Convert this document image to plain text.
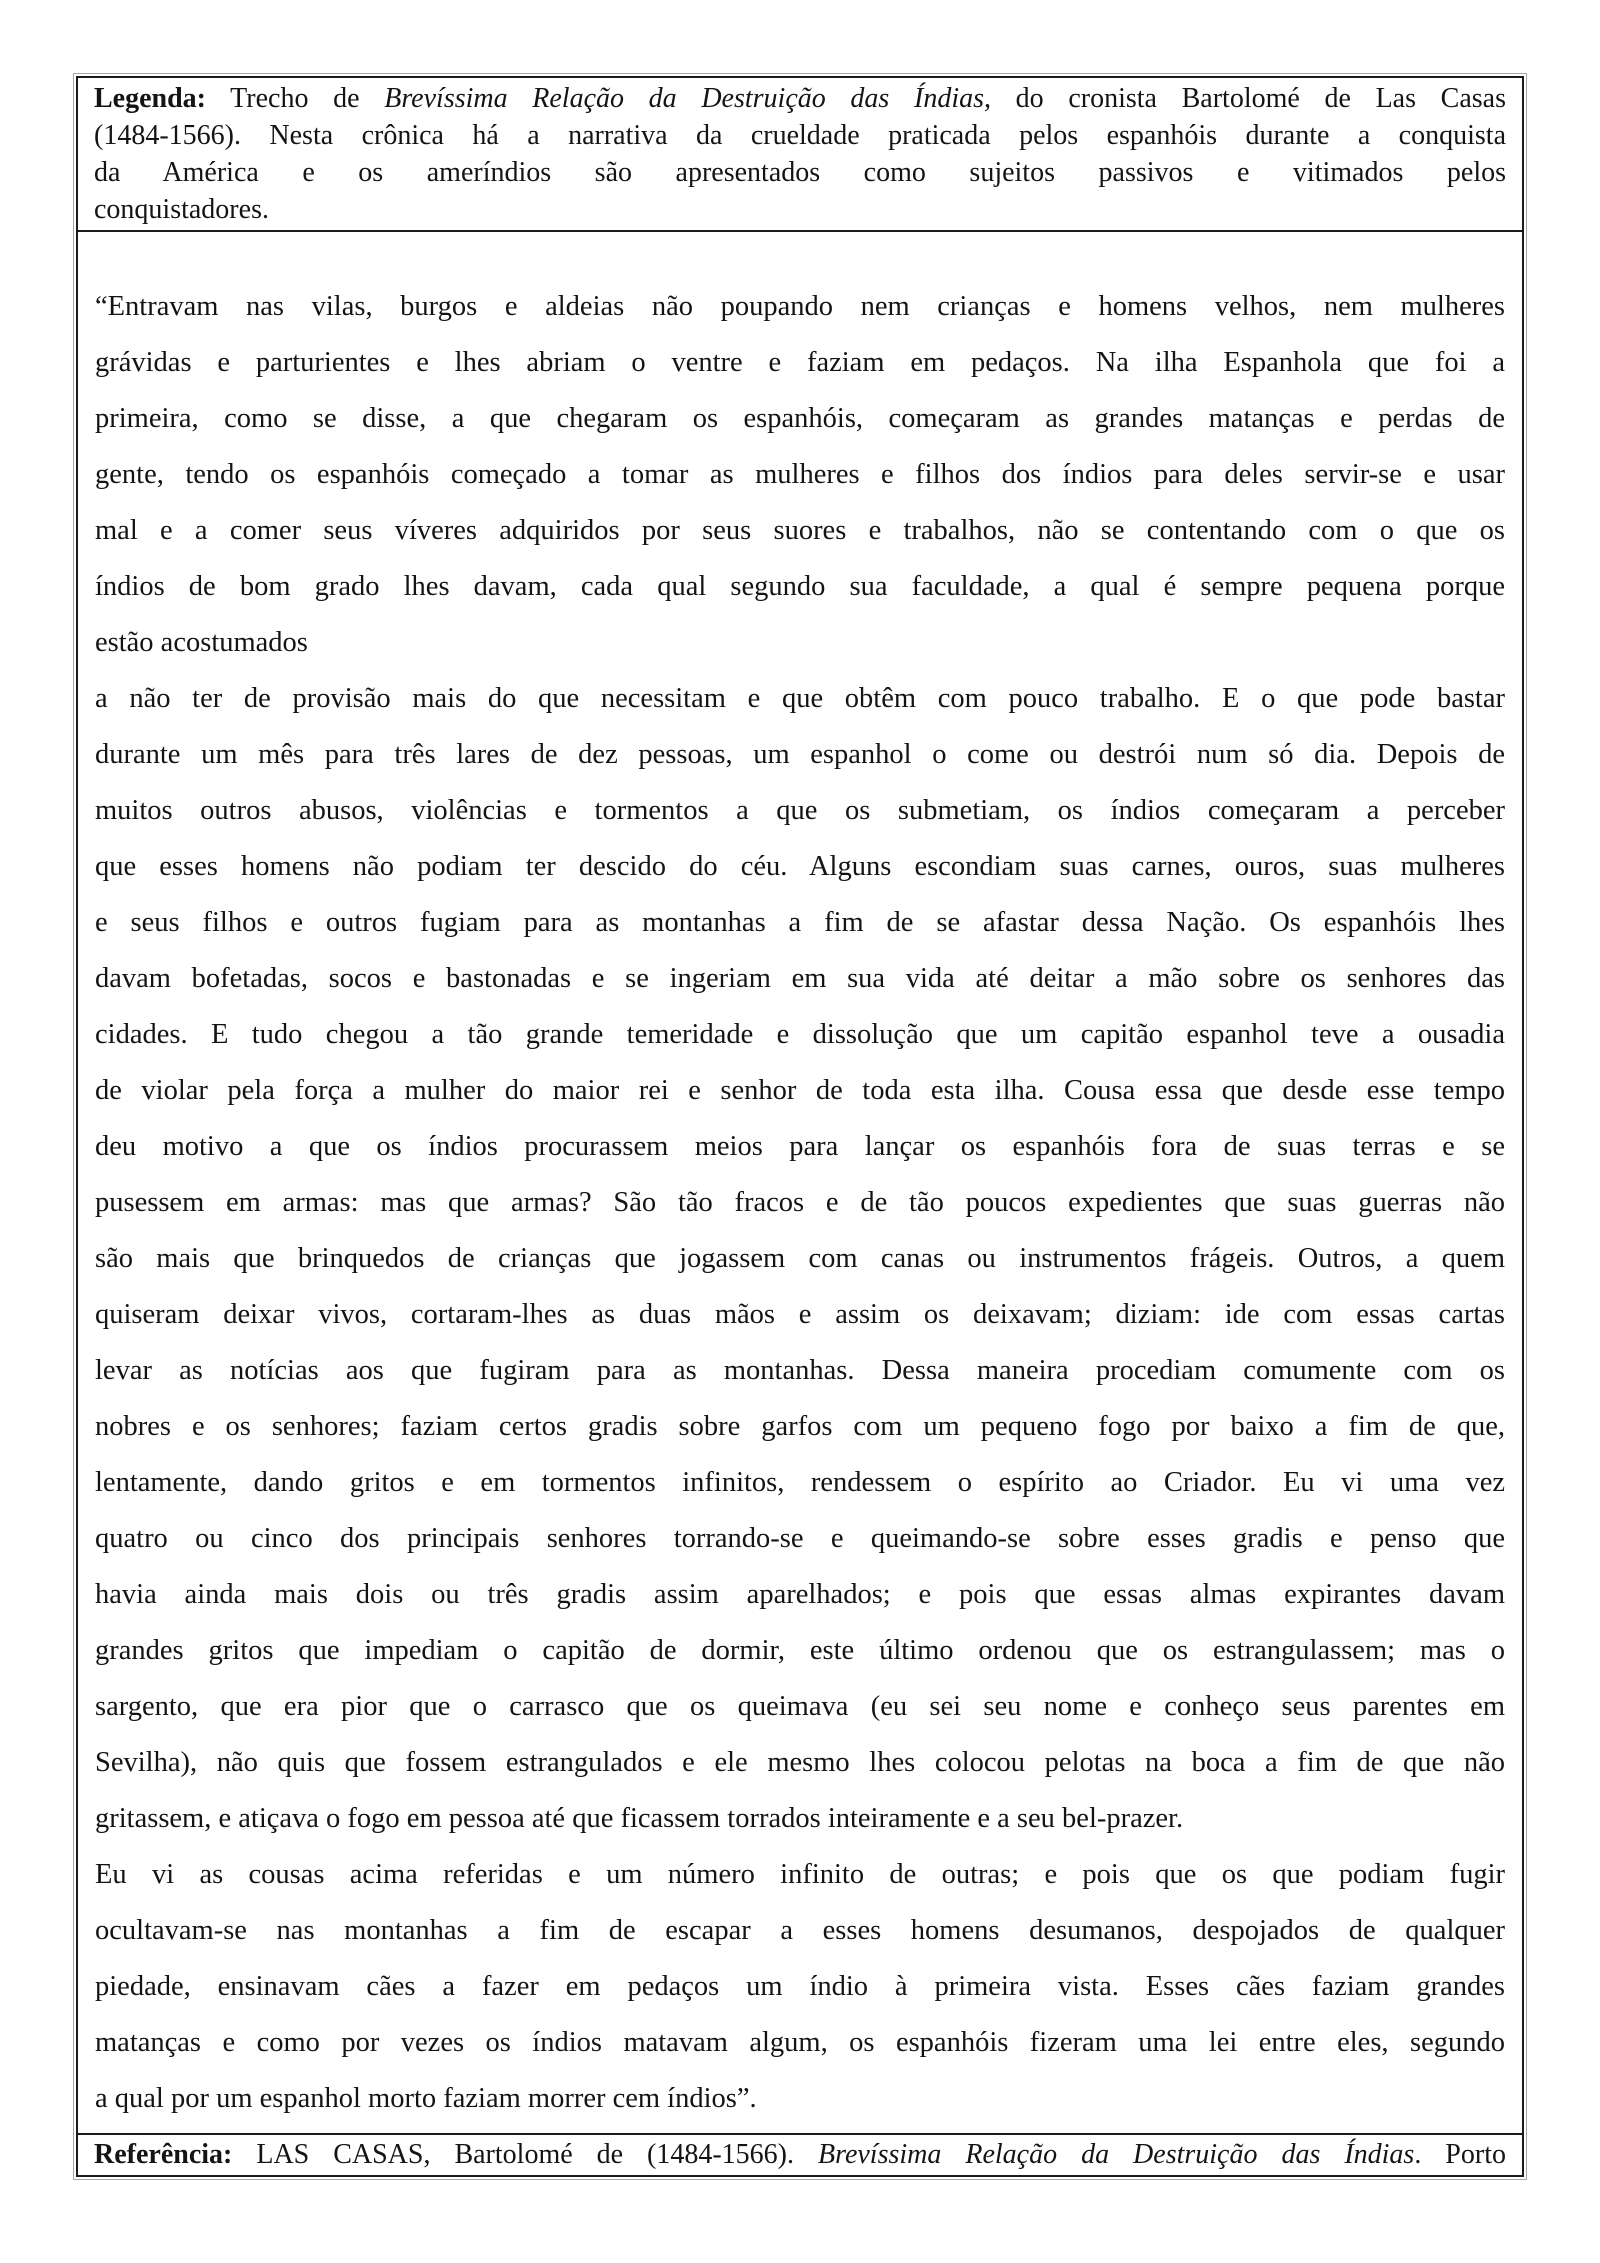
Legenda: Trecho de Brevíssima Relação da Destruição das Índias, do cronista Bartolomé de Las Casas
(1484-1566). Nesta crônica há a narrativa da crueldade praticada pelos espanhóis durante a conquista
da América e os ameríndios são apresentados como sujeitos passivos e vitimados pelos
conquistadores.
“Entravam nas vilas, burgos e aldeias não poupando nem crianças e homens velhos, nem mulheres
grávidas e parturientes e lhes abriam o ventre e faziam em pedaços. Na ilha Espanhola que foi a
primeira, como se disse, a que chegaram os espanhóis, começaram as grandes matanças e perdas de
gente, tendo os espanhóis começado a tomar as mulheres e filhos dos índios para deles servir-se e usar
mal e a comer seus víveres adquiridos por seus suores e trabalhos, não se contentando com o que os
índios de bom grado lhes davam, cada qual segundo sua faculdade, a qual é sempre pequena porque
estão acostumados
a não ter de provisão mais do que necessitam e que obtêm com pouco trabalho. E o que pode bastar
durante um mês para três lares de dez pessoas, um espanhol o come ou destrói num só dia. Depois de
muitos outros abusos, violências e tormentos a que os submetiam, os índios começaram a perceber
que esses homens não podiam ter descido do céu. Alguns escondiam suas carnes, ouros, suas mulheres
e seus filhos e outros fugiam para as montanhas a fim de se afastar dessa Nação. Os espanhóis lhes
davam bofetadas, socos e bastonadas e se ingeriam em sua vida até deitar a mão sobre os senhores das
cidades. E tudo chegou a tão grande temeridade e dissolução que um capitão espanhol teve a ousadia
de violar pela força a mulher do maior rei e senhor de toda esta ilha. Cousa essa que desde esse tempo
deu motivo a que os índios procurassem meios para lançar os espanhóis fora de suas terras e se
pusessem em armas: mas que armas? São tão fracos e de tão poucos expedientes que suas guerras não
são mais que brinquedos de crianças que jogassem com canas ou instrumentos frágeis. Outros, a quem
quiseram deixar vivos, cortaram-lhes as duas mãos e assim os deixavam; diziam: ide com essas cartas
levar as notícias aos que fugiram para as montanhas. Dessa maneira procediam comumente com os
nobres e os senhores; faziam certos gradis sobre garfos com um pequeno fogo por baixo a fim de que,
lentamente, dando gritos e em tormentos infinitos, rendessem o espírito ao Criador. Eu vi uma vez
quatro ou cinco dos principais senhores torrando-se e queimando-se sobre esses gradis e penso que
havia ainda mais dois ou três gradis assim aparelhados; e pois que essas almas expirantes davam
grandes gritos que impediam o capitão de dormir, este último ordenou que os estrangulassem; mas o
sargento, que era pior que o carrasco que os queimava (eu sei seu nome e conheço seus parentes em
Sevilha), não quis que fossem estrangulados e ele mesmo lhes colocou pelotas na boca a fim de que não
gritassem, e atiçava o fogo em pessoa até que ficassem torrados inteiramente e a seu bel-prazer.
Eu vi as cousas acima referidas e um número infinito de outras; e pois que os que podiam fugir
ocultavam-se nas montanhas a fim de escapar a esses homens desumanos, despojados de qualquer
piedade, ensinavam cães a fazer em pedaços um índio à primeira vista. Esses cães faziam grandes
matanças e como por vezes os índios matavam algum, os espanhóis fizeram uma lei entre eles, segundo
a qual por um espanhol morto faziam morrer cem índios”.
Referência: LAS CASAS, Bartolomé de (1484-1566). Brevíssima Relação da Destruição das Índias. Porto
